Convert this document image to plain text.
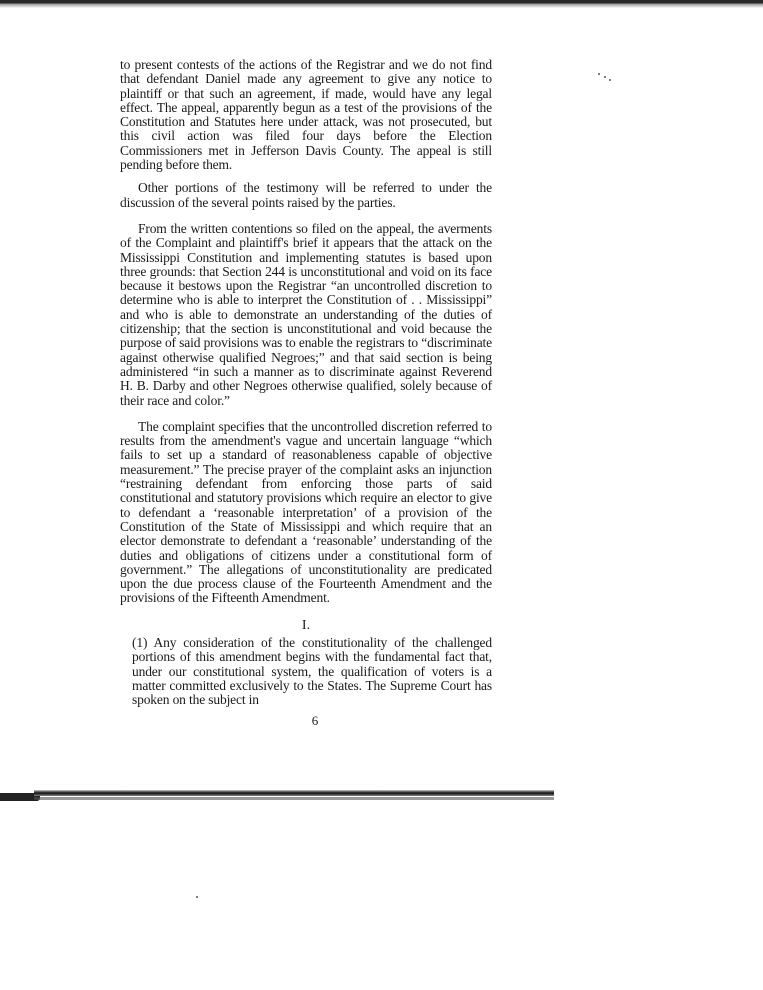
to present contests of the actions of the Registrar and we do not find that defendant Daniel made any agreement to give any notice to plaintiff or that such an agreement, if made, would have any legal effect. The appeal, apparently begun as a test of the provisions of the Constitution and Statutes here under attack, was not prosecuted, but this civil action was filed four days before the Election Commissioners met in Jefferson Davis County. The appeal is still pending before them.

Other portions of the testimony will be referred to under the discussion of the several points raised by the parties.

From the written contentions so filed on the appeal, the averments of the Complaint and plaintiff's brief it appears that the attack on the Mississippi Constitution and implementing statutes is based upon three grounds: that Section 244 is unconstitutional and void on its face because it bestows upon the Registrar “an uncontrolled discretion to determine who is able to interpret the Constitution of . . Mississippi” and who is able to demonstrate an understanding of the duties of citizenship; that the section is unconstitutional and void because the purpose of said provisions was to enable the registrars to “discriminate against otherwise qualified Negroes;” and that said section is being administered “in such a manner as to discriminate against Reverend H. B. Darby and other Negroes otherwise qualified, solely because of their race and color.”

The complaint specifies that the uncontrolled discretion referred to results from the amendment's vague and uncertain language “which fails to set up a standard of reasonableness capable of objective measurement.” The precise prayer of the complaint asks an injunction “restraining defendant from enforcing those parts of said constitutional and statutory provisions which require an elector to give to defendant a ‘reasonable interpretation’ of a provision of the Constitution of the State of Mississippi and which require that an elector demonstrate to defendant a ‘reasonable’ understanding of the duties and obligations of citizens under a constitutional form of government.” The allegations of unconstitutionality are predicated upon the due process clause of the Fourteenth Amendment and the provisions of the Fifteenth Amendment.

I.

(1) Any consideration of the constitutionality of the challenged portions of this amendment begins with the fundamental fact that, under our constitutional system, the qualification of voters is a matter committed exclusively to the States. The Supreme Court has spoken on the subject in

6
